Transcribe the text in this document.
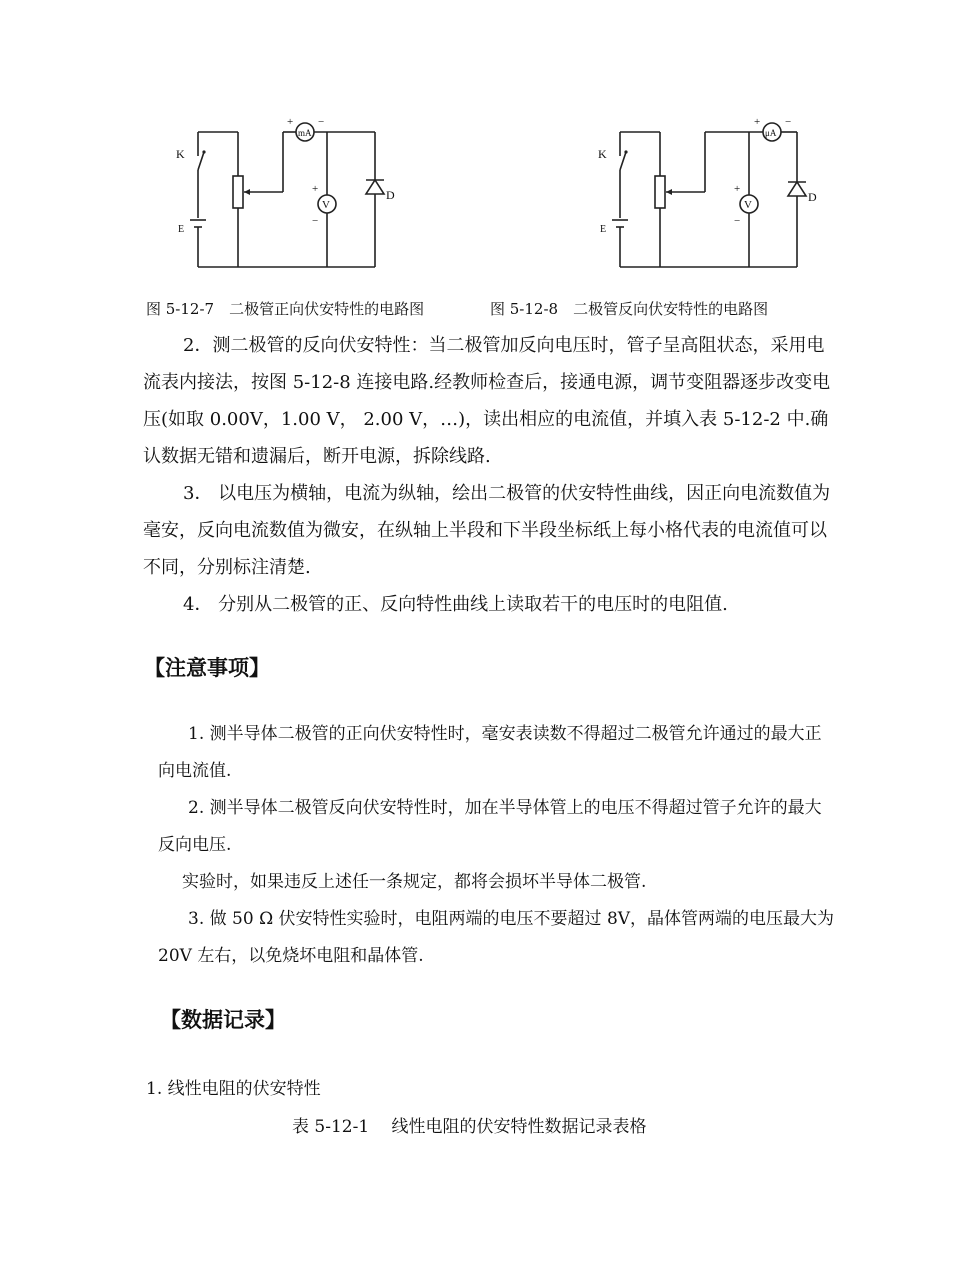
K
E
mA
+ −
V
+
−
D
K
E
μA
+ −
V
+
−
D
图 5-12-7　二极管正向伏安特性的电路图	图 5-12-8　二极管反向伏安特性的电路图

2．测二极管的反向伏安特性：当二极管加反向电压时，管子呈高阻状态，采用电流表内接法，按图 5-12-8 连接电路.经教师检查后，接通电源，调节变阻器逐步改变电压(如取 0.00V，1.00 V， 2.00 V，…)，读出相应的电流值，并填入表 5-12-2 中.确认数据无错和遗漏后，断开电源，拆除线路.

3． 以电压为横轴，电流为纵轴，绘出二极管的伏安特性曲线，因正向电流数值为毫安，反向电流数值为微安，在纵轴上半段和下半段坐标纸上每小格代表的电流值可以不同，分别标注清楚.

4． 分别从二极管的正、反向特性曲线上读取若干的电压时的电阻值.

【注意事项】

1. 测半导体二极管的正向伏安特性时，毫安表读数不得超过二极管允许通过的最大正向电流值.

2. 测半导体二极管反向伏安特性时，加在半导体管上的电压不得超过管子允许的最大反向电压.

实验时，如果违反上述任一条规定，都将会损坏半导体二极管.

3. 做 50 Ω 伏安特性实验时，电阻两端的电压不要超过 8V，晶体管两端的电压最大为 20V 左右，以免烧坏电阻和晶体管.

【数据记录】

1. 线性电阻的伏安特性

表 5-12-1　 线性电阻的伏安特性数据记录表格
